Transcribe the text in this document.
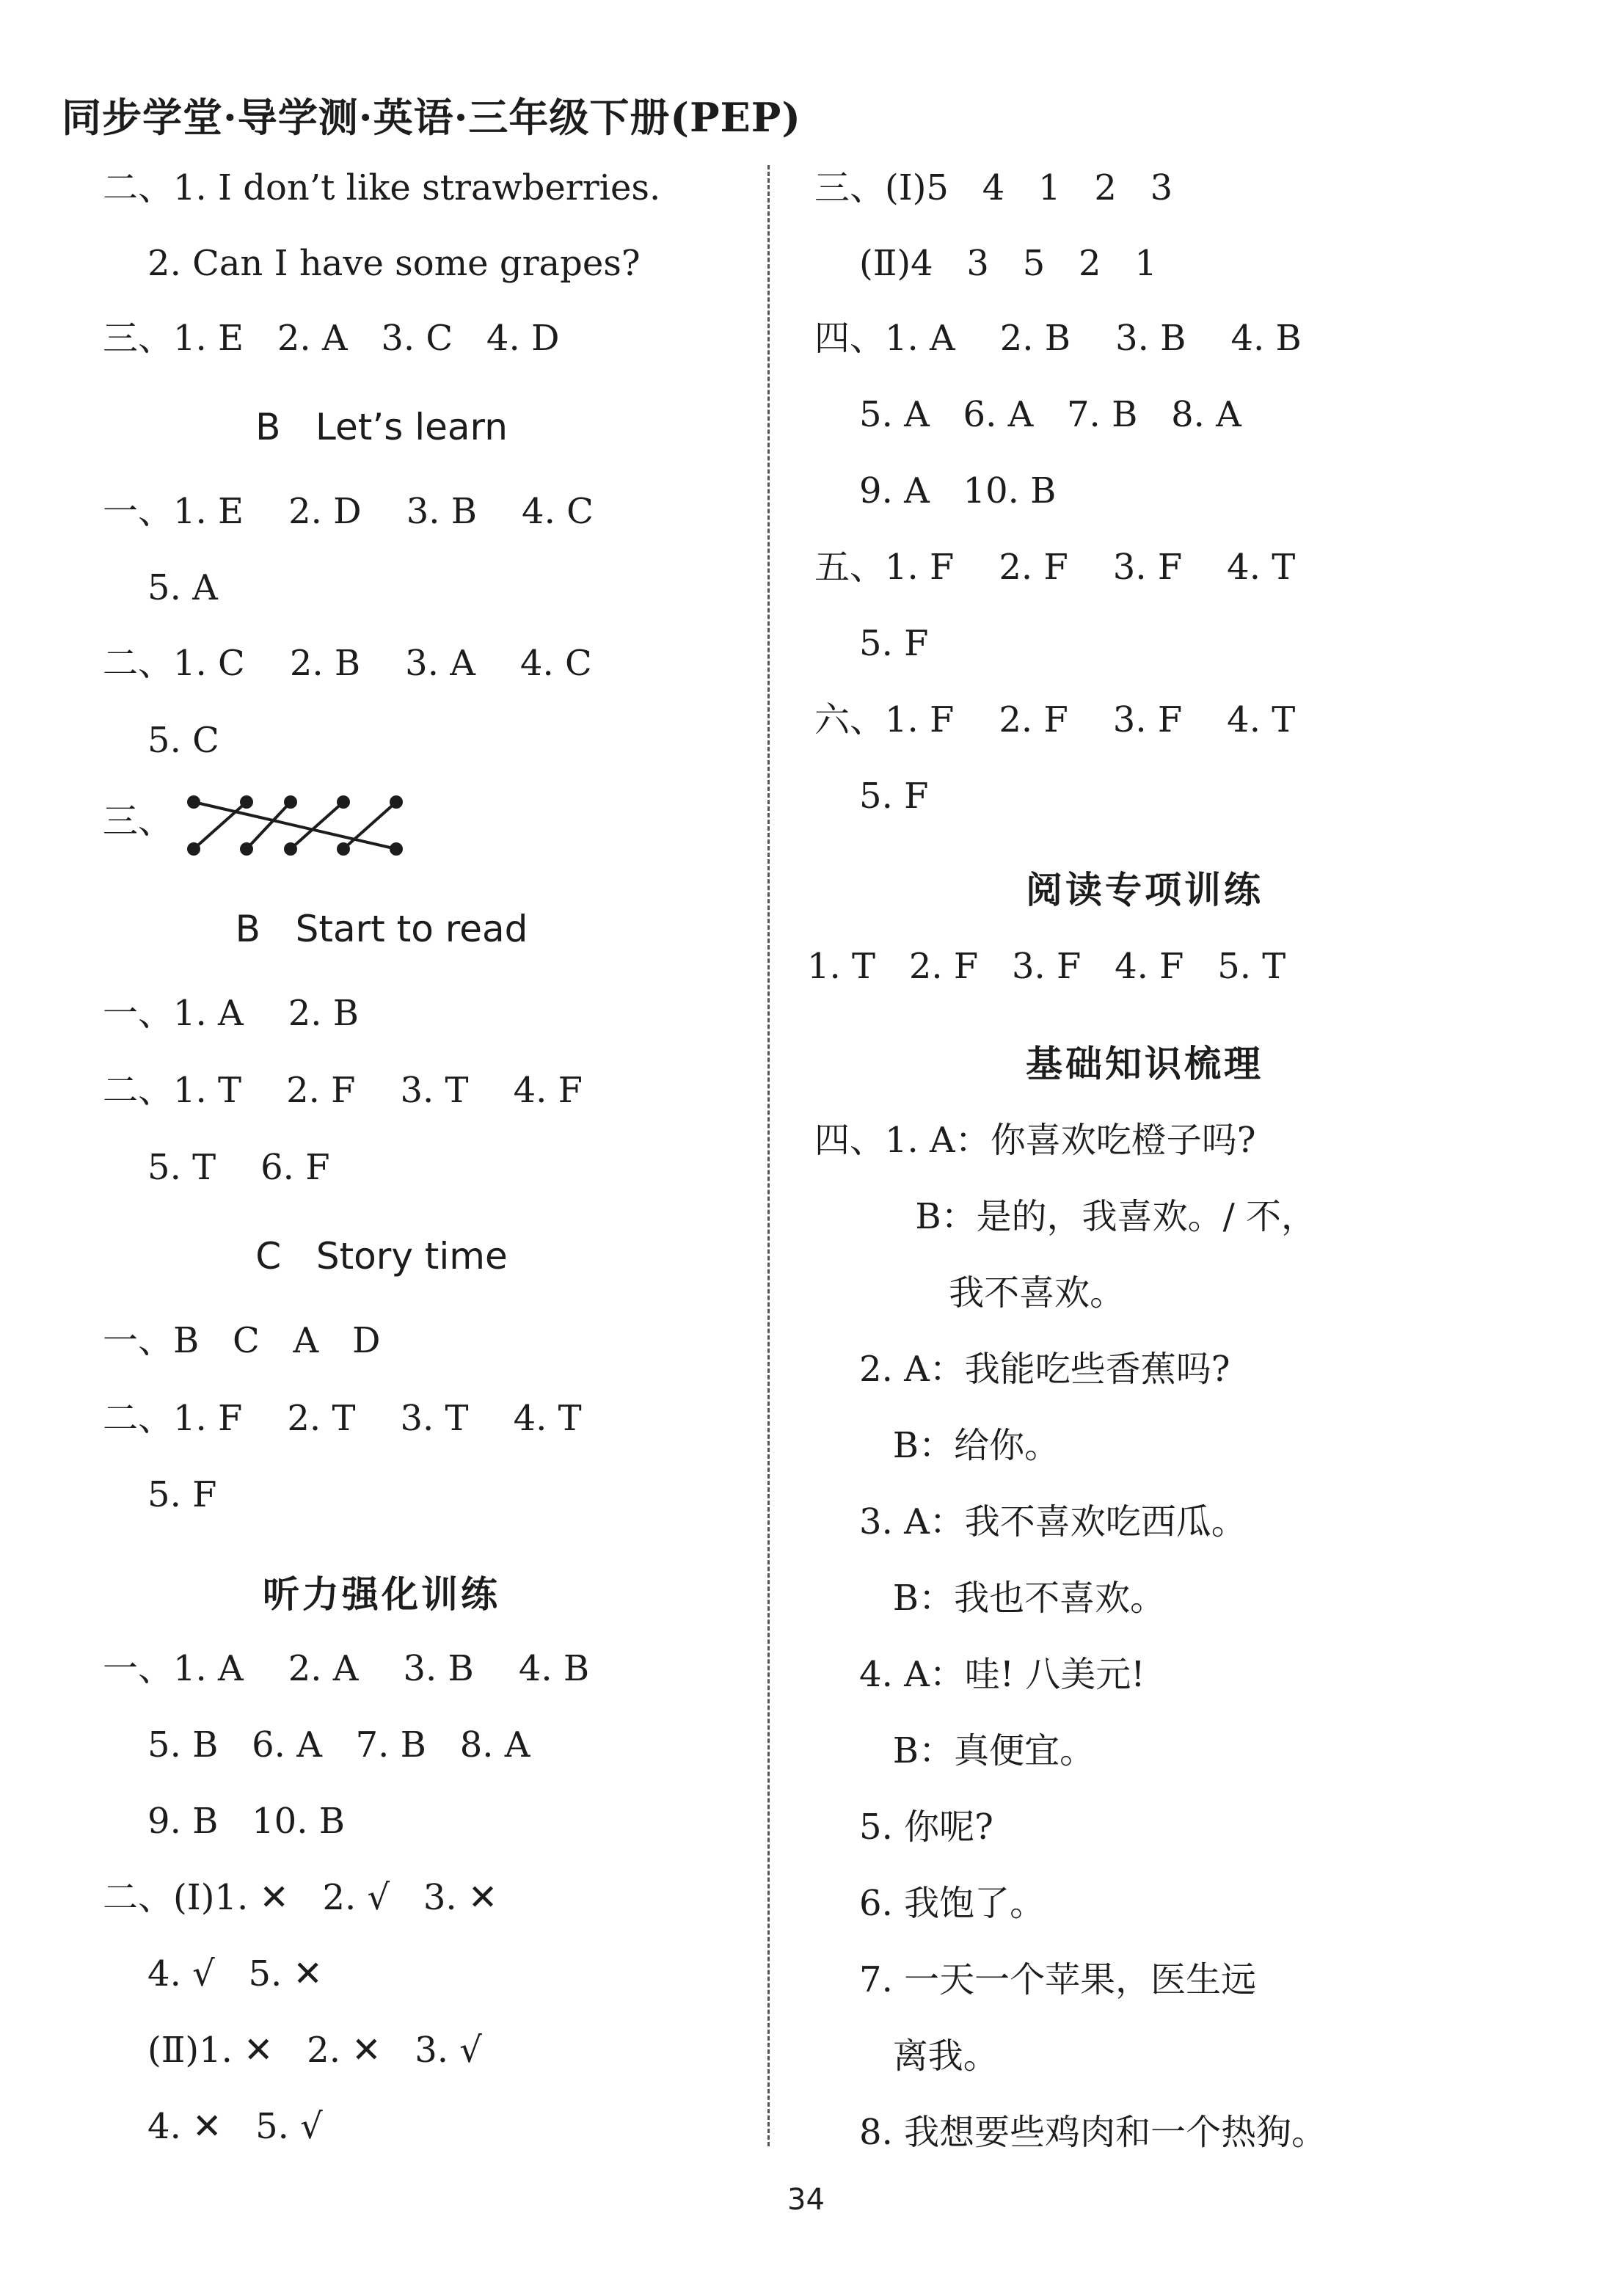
同步学堂·导学测·英语·三年级下册(PEP)
二、1. I don’t like strawberries.
2. Can I have some grapes?
三、1. E   2. A   3. C   4. D
B   Let’s learn
一、1. E    2. D    3. B    4. C
5. A
二、1. C    2. B    3. A    4. C
5. C
三、
B   Start to read
一、1. A    2. B
二、1. T    2. F    3. T    4. F
5. T    6. F
C   Story time
一、B   C   A   D
二、1. F    2. T    3. T    4. T
5. F
听力强化训练
一、1. A    2. A    3. B    4. B
5. B   6. A   7. B   8. A
9. B   10. B
二、(Ⅰ)1. ✕   2. √   3. ✕
4. √   5. ✕
(Ⅱ)1. ✕   2. ✕   3. √
4. ✕   5. √
三、(Ⅰ)5   4   1   2   3
(Ⅱ)4   3   5   2   1
四、1. A    2. B    3. B    4. B
5. A   6. A   7. B   8. A
9. A   10. B
五、1. F    2. F    3. F    4. T
5. F
六、1. F    2. F    3. F    4. T
5. F
阅读专项训练
1. T   2. F   3. F   4. F   5. T
基础知识梳理
四、1. A：你喜欢吃橙子吗?
B：是的，我喜欢。/ 不，
我不喜欢。
2. A：我能吃些香蕉吗?
B：给你。
3. A：我不喜欢吃西瓜。
B：我也不喜欢。
4. A：哇! 八美元!
B：真便宜。
5. 你呢?
6. 我饱了。
7. 一天一个苹果，医生远
离我。
8. 我想要些鸡肉和一个热狗。
34
